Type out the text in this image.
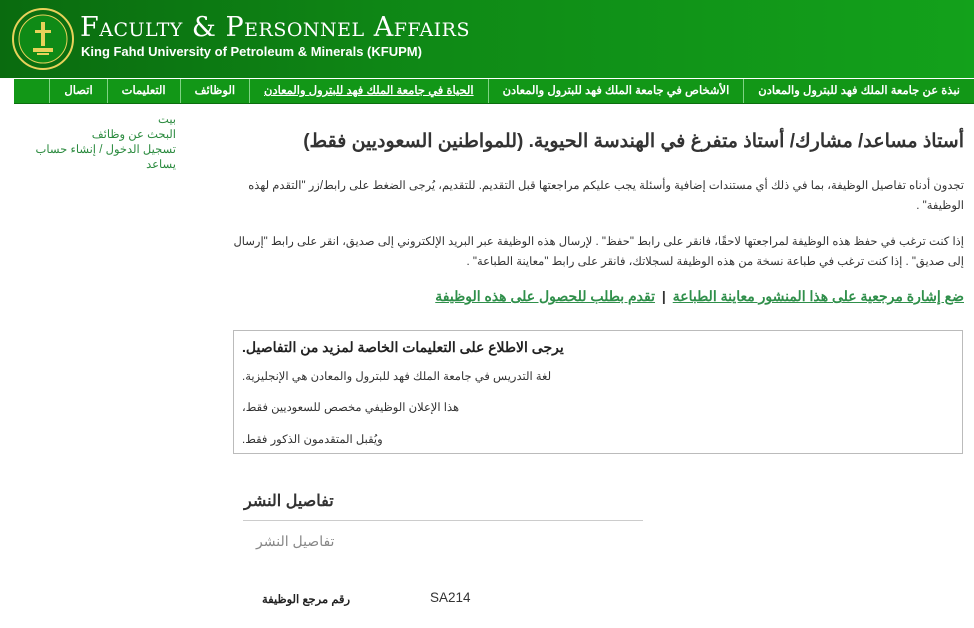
Faculty & Personnel Affairs
King Fahd University of Petroleum & Minerals (KFUPM)
اتصال	التعليمات	الوظائف	الحياة في جامعة الملك فهد للبترول والمعادن	الأشخاص في جامعة الملك فهد للبترول والمعادن	نبذة عن جامعة الملك فهد للبترول والمعادن
بيت
البحث عن وظائف
تسجيل الدخول / إنشاء حساب
يساعد
أستاذ مساعد/ مشارك/ أستاذ متفرغ في الهندسة الحيوية. (للمواطنين السعوديين فقط)

تجدون أدناه تفاصيل الوظيفة، بما في ذلك أي مستندات إضافية وأسئلة يجب عليكم مراجعتها قبل التقديم. للتقديم، يُرجى الضغط على رابط/زر "التقدم لهذه الوظيفة" .

إذا كنت ترغب في حفظ هذه الوظيفة لمراجعتها لاحقًا، فانقر على رابط "حفظ" . لإرسال هذه الوظيفة عبر البريد الإلكتروني إلى صديق، انقر على رابط "إرسال إلى صديق" . إذا كنت ترغب في طباعة نسخة من هذه الوظيفة لسجلاتك، فانقر على رابط "معاينة الطباعة" .

ضع إشارة مرجعية على هذا المنشور معاينة الطباعة | تقدم بطلب للحصول على هذه الوظيفة
يرجى الاطلاع على التعليمات الخاصة لمزيد من التفاصيل.
لغة التدريس في جامعة الملك فهد للبترول والمعادن هي الإنجليزية.
هذا الإعلان الوظيفي مخصص للسعوديين فقط،
ويُقبل المتقدمون الذكور فقط.
تفاصيل النشر
تفاصيل النشر
رقم مرجع الوظيفة	SA214
